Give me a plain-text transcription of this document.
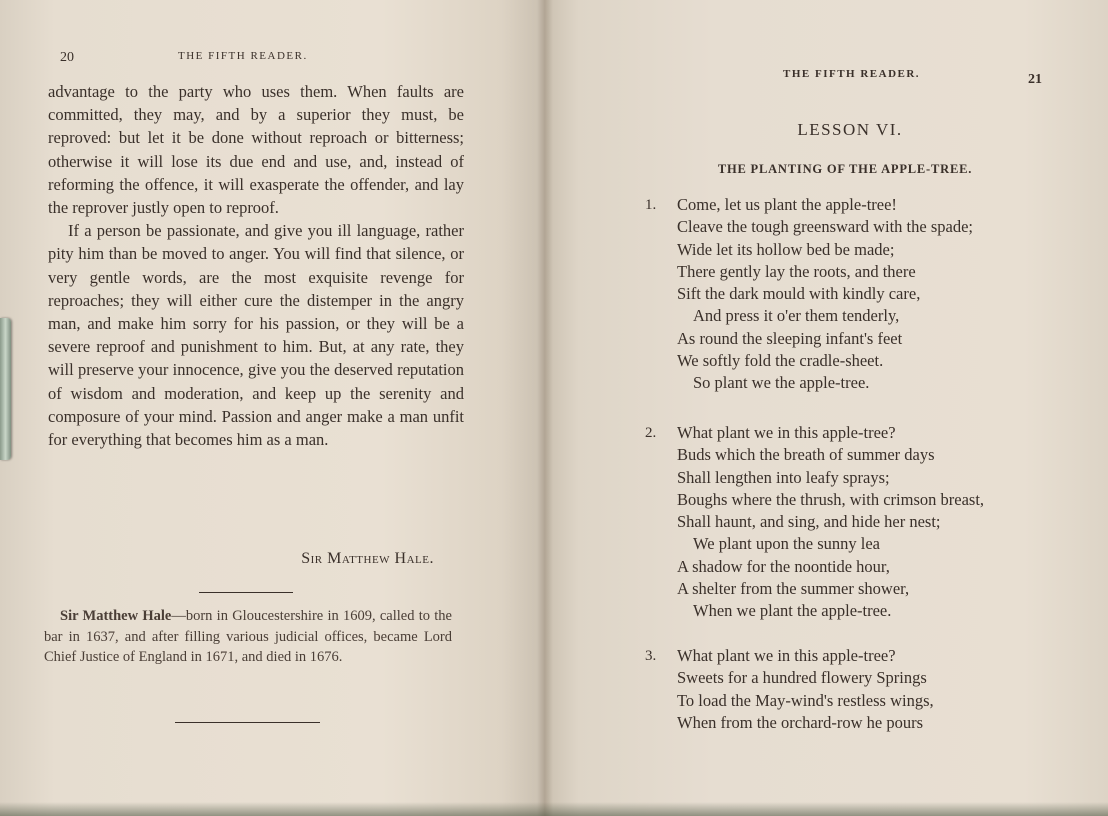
20	THE FIFTH READER.

advantage to the party who uses them. When faults are committed, they may, and by a superior they must, be reproved: but let it be done without reproach or bitterness; otherwise it will lose its due end and use, and, instead of reforming the offence, it will exasperate the offender, and lay the reprover justly open to reproof.

If a person be passionate, and give you ill language, rather pity him than be moved to anger. You will find that silence, or very gentle words, are the most exquisite revenge for reproaches; they will either cure the distemper in the angry man, and make him sorry for his passion, or they will be a severe reproof and punishment to him. But, at any rate, they will preserve your innocence, give you the deserved reputation of wisdom and moderation, and keep up the serenity and composure of your mind. Passion and anger make a man unfit for everything that becomes him as a man.

Sir Matthew Hale.
Sir Matthew Hale—born in Gloucestershire in 1609, called to the bar in 1637, and after filling various judicial offices, became Lord Chief Justice of England in 1671, and died in 1676.
THE FIFTH READER.	21
LESSON VI.
THE PLANTING OF THE APPLE-TREE.
1. Come, let us plant the apple-tree!
Cleave the tough greensward with the spade;
Wide let its hollow bed be made;
There gently lay the roots, and there
Sift the dark mould with kindly care,
And press it o'er them tenderly,
As round the sleeping infant's feet
We softly fold the cradle-sheet.
So plant we the apple-tree.
2. What plant we in this apple-tree?
Buds which the breath of summer days
Shall lengthen into leafy sprays;
Boughs where the thrush, with crimson breast,
Shall haunt, and sing, and hide her nest;
We plant upon the sunny lea
A shadow for the noontide hour,
A shelter from the summer shower,
When we plant the apple-tree.
3. What plant we in this apple-tree?
Sweets for a hundred flowery Springs
To load the May-wind's restless wings,
When from the orchard-row he pours
